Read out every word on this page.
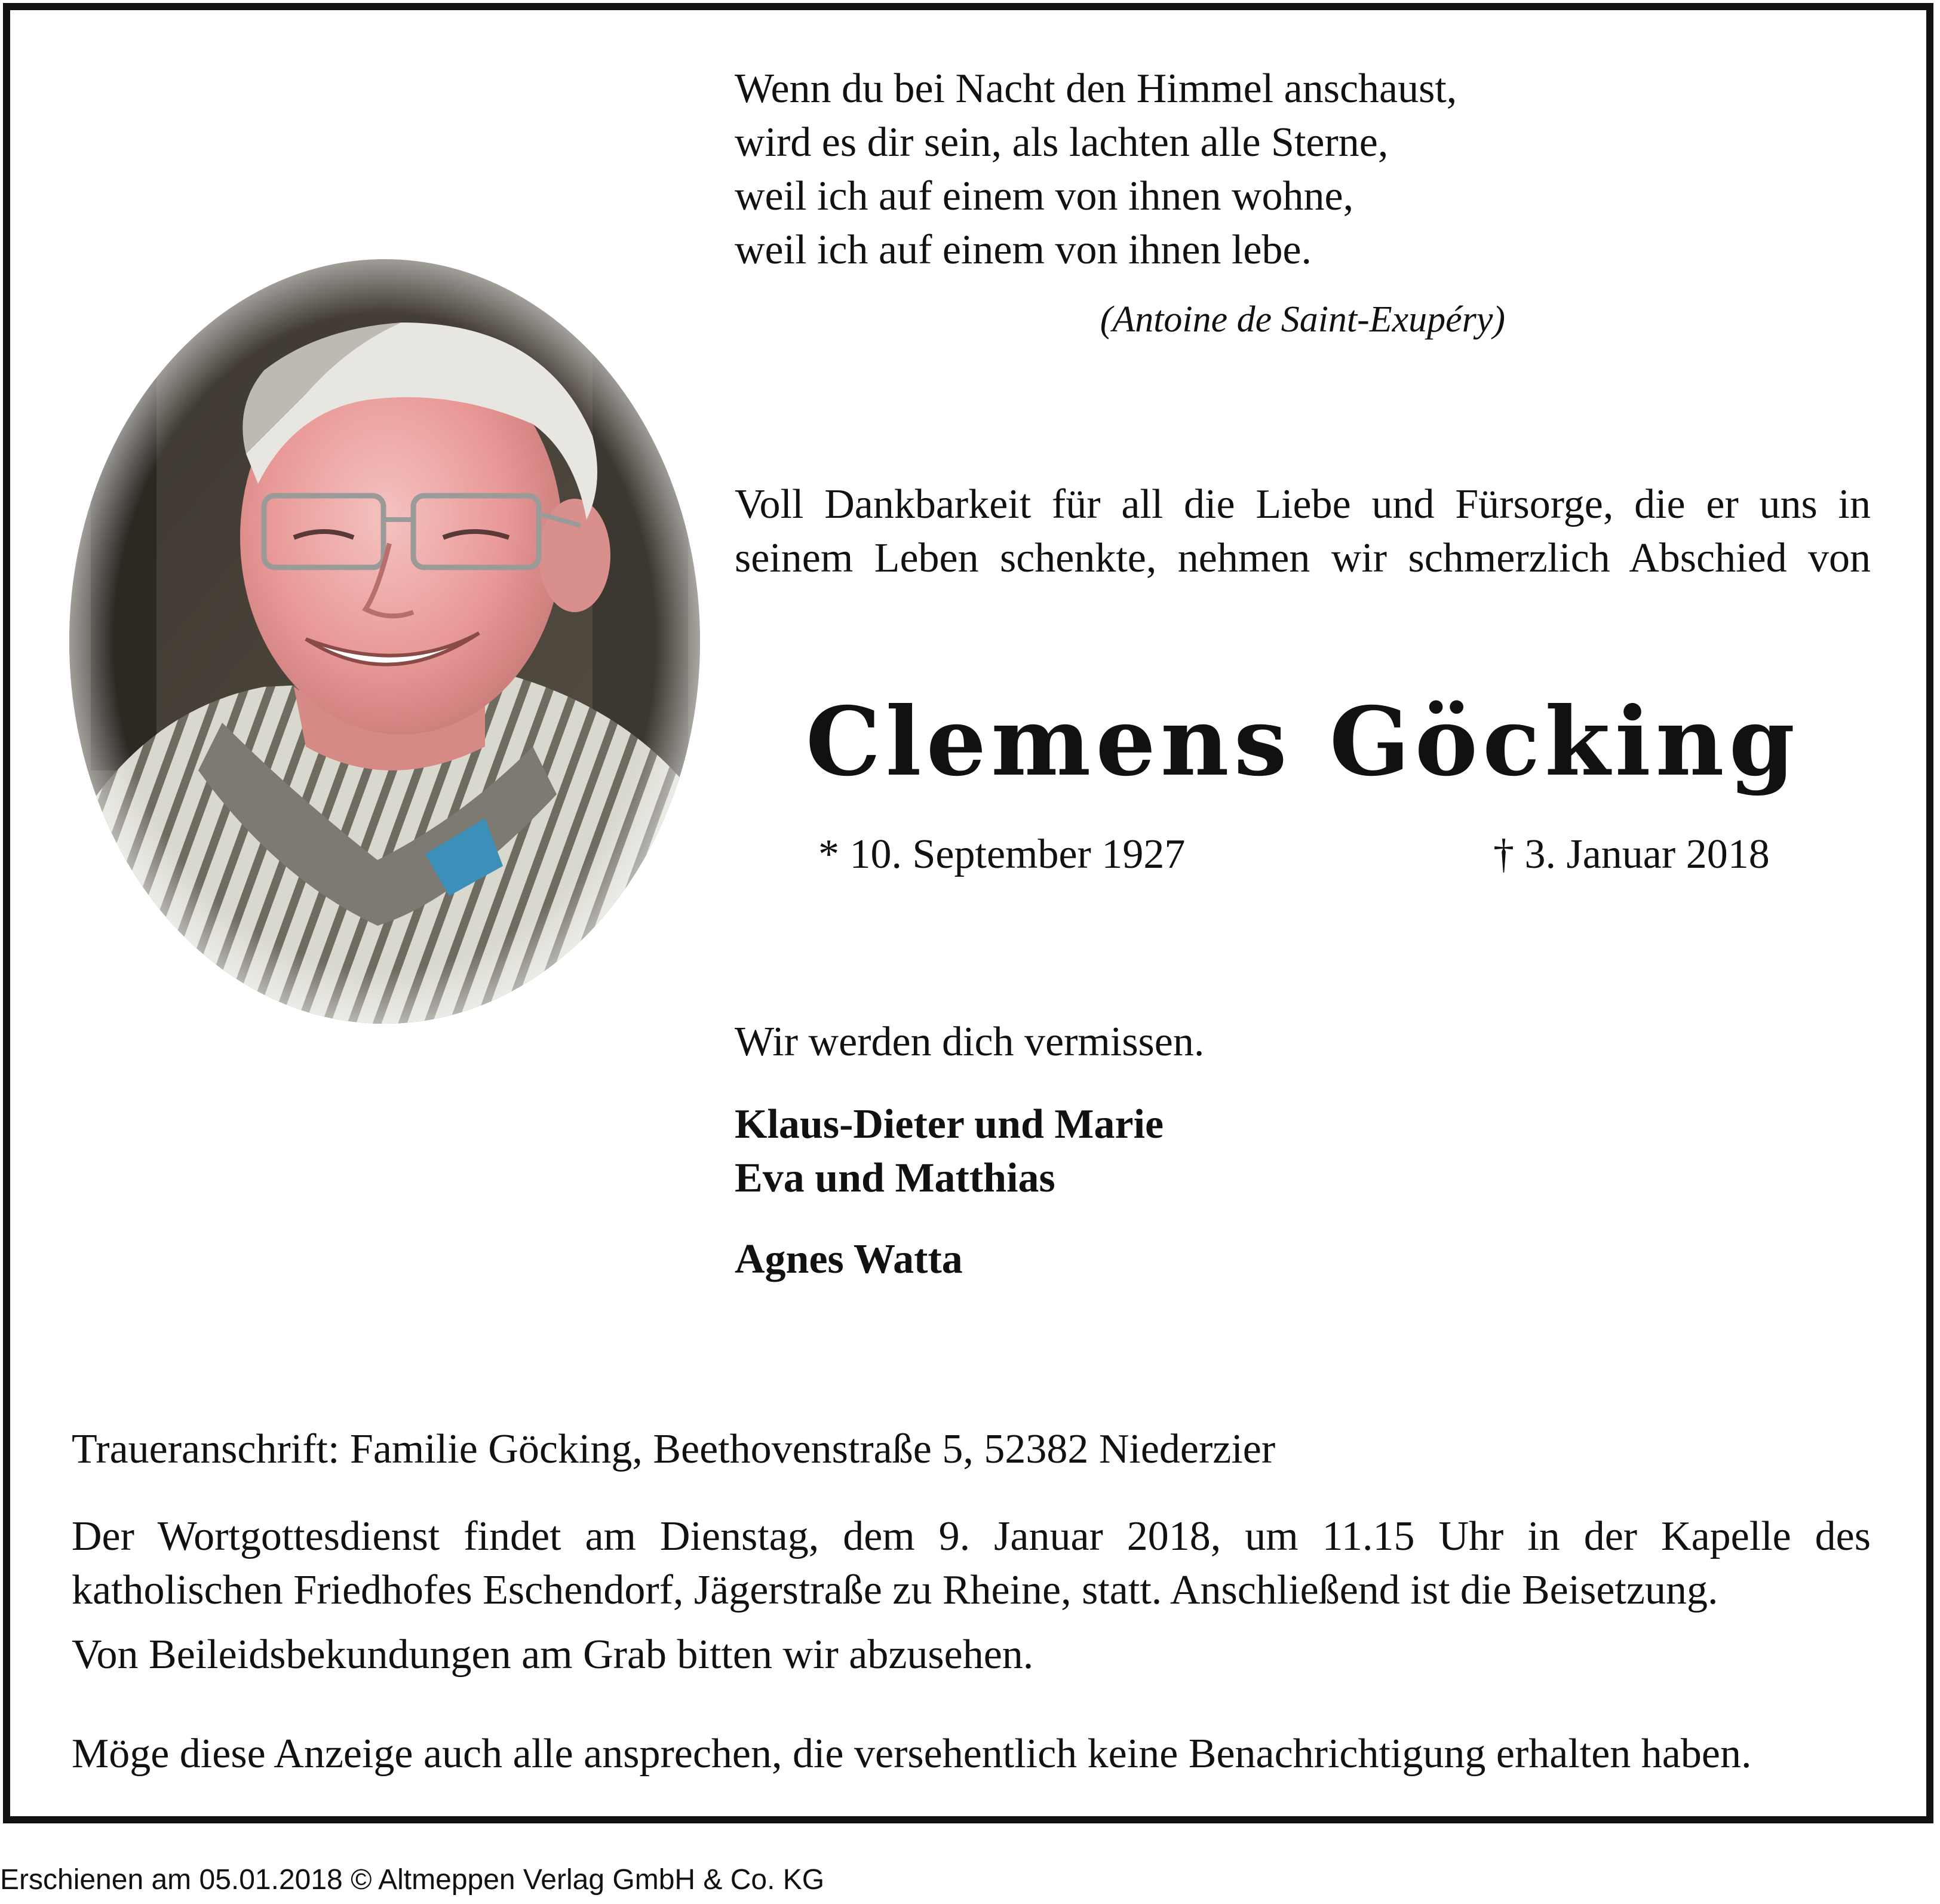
Wenn du bei Nacht den Himmel anschaust,
wird es dir sein, als lachten alle Sterne,
weil ich auf einem von ihnen wohne,
weil ich auf einem von ihnen lebe.
(Antoine de Saint-Exupéry)

Voll Dankbarkeit für all die Liebe und Fürsorge, die er uns in seinem Leben schenkte, nehmen wir schmerzlich Abschied von

Clemens Göcking
* 10. September 1927	† 3. Januar 2018
Wir werden dich vermissen.
Klaus-Dieter und Marie
Eva und Matthias
Agnes Watta
Traueranschrift: Familie Göcking, Beethovenstraße 5, 52382 Niederzier

Der Wortgottesdienst findet am Dienstag, dem 9. Januar 2018, um 11.15 Uhr in der Kapelle des katholischen Friedhofes Eschendorf, Jägerstraße zu Rheine, statt. Anschließend ist die Beisetzung.

Von Beileidsbekundungen am Grab bitten wir abzusehen.
Möge diese Anzeige auch alle ansprechen, die versehentlich keine Benachrichtigung erhalten haben.
Erschienen am 05.01.2018 © Altmeppen Verlag GmbH & Co. KG
